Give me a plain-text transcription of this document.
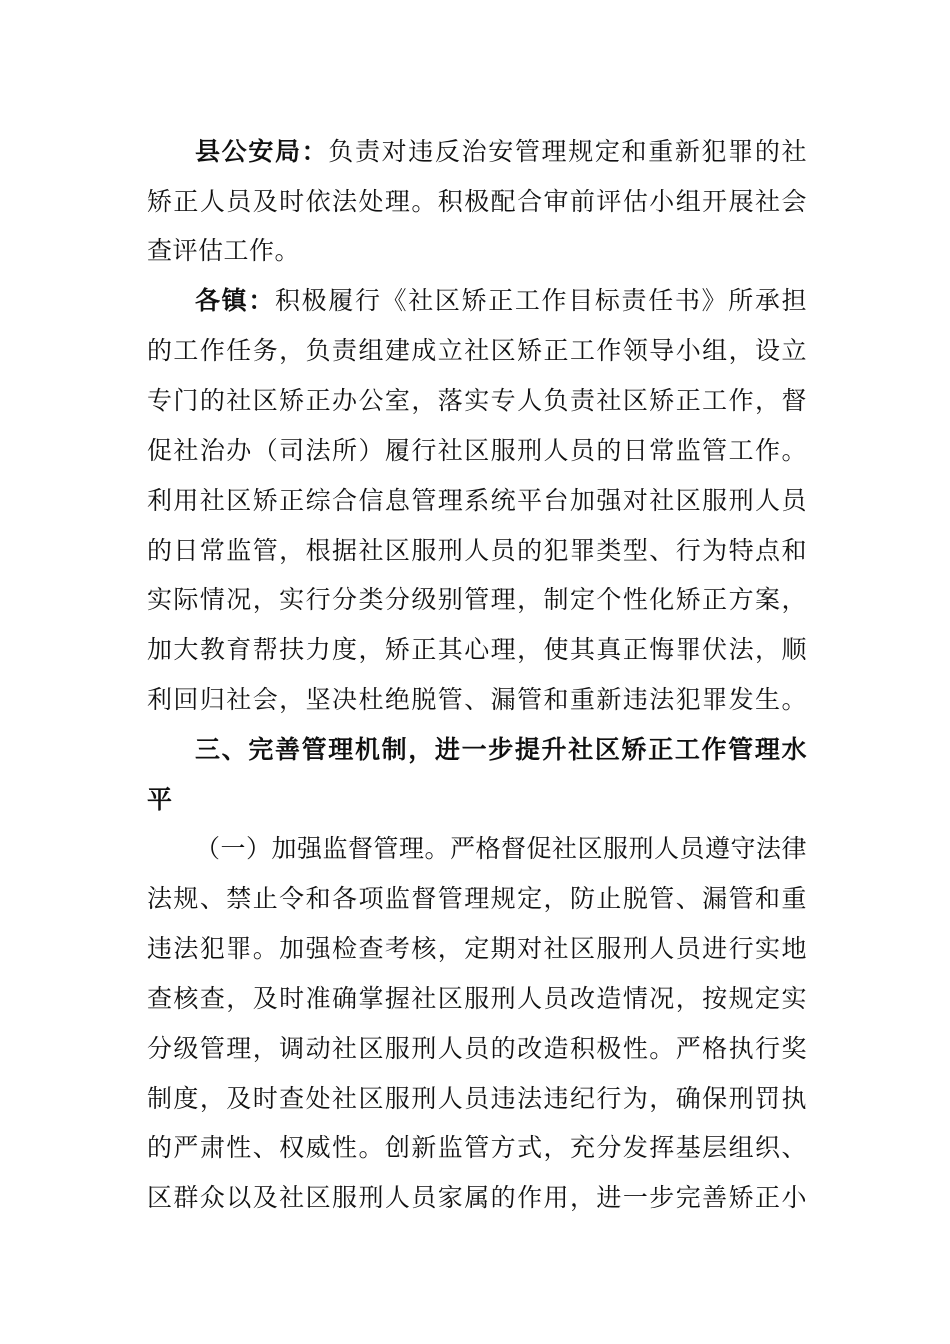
县公安局：负责对违反治安管理规定和重新犯罪的社
矫正人员及时依法处理。积极配合审前评估小组开展社会
查评估工作。
各镇：积极履行《社区矫正工作目标责任书》所承担
的工作任务，负责组建成立社区矫正工作领导小组，设立
专门的社区矫正办公室，落实专人负责社区矫正工作，督
促社治办（司法所）履行社区服刑人员的日常监管工作。
利用社区矫正综合信息管理系统平台加强对社区服刑人员
的日常监管，根据社区服刑人员的犯罪类型、行为特点和
实际情况，实行分类分级别管理，制定个性化矫正方案，
加大教育帮扶力度，矫正其心理，使其真正悔罪伏法，顺
利回归社会，坚决杜绝脱管、漏管和重新违法犯罪发生。
三、完善管理机制，进一步提升社区矫正工作管理水
平
（一）加强监督管理。严格督促社区服刑人员遵守法律
法规、禁止令和各项监督管理规定，防止脱管、漏管和重
违法犯罪。加强检查考核，定期对社区服刑人员进行实地
查核查，及时准确掌握社区服刑人员改造情况，按规定实
分级管理，调动社区服刑人员的改造积极性。严格执行奖
制度，及时查处社区服刑人员违法违纪行为，确保刑罚执
的严肃性、权威性。创新监管方式，充分发挥基层组织、
区群众以及社区服刑人员家属的作用，进一步完善矫正小
